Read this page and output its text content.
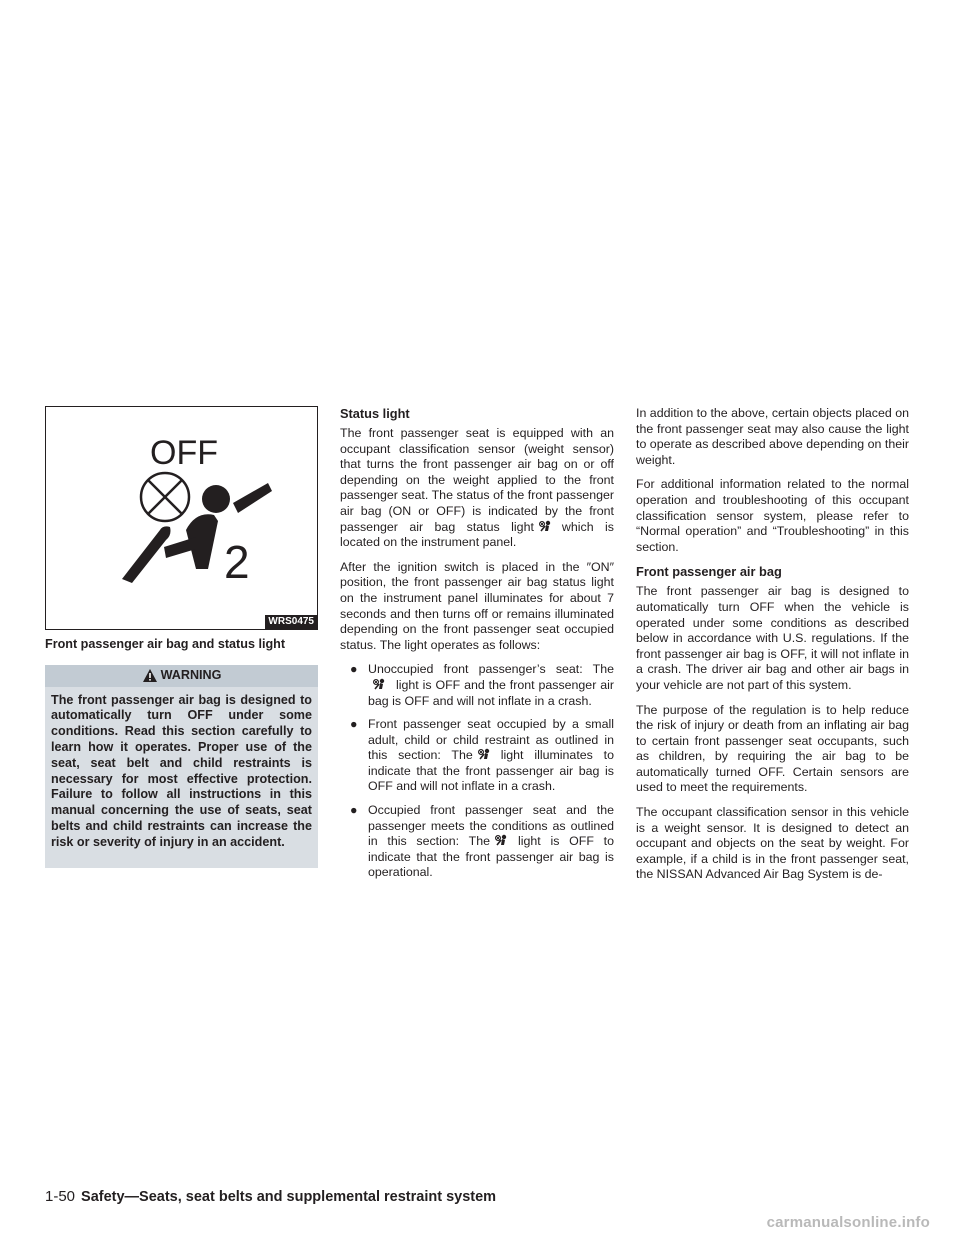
OFF
2
WRS0475
Front passenger air bag and status light
WARNING

The front passenger air bag is designed to automatically turn OFF under some conditions. Read this section carefully to learn how it operates. Proper use of the seat, seat belt and child restraints is necessary for most effective protection. Failure to follow all instructions in this manual concerning the use of seats, seat belts and child restraints can increase the risk or severity of injury in an accident.

Status light

The front passenger seat is equipped with an occupant classification sensor (weight sensor) that turns the front passenger air bag on or off depending on the weight applied to the front passenger seat. The status of the front passenger air bag (ON or OFF) is indicated by the front passenger air bag status light which is located on the instrument panel.

After the ignition switch is placed in the ″ON″ position, the front passenger air bag status light on the instrument panel illuminates for about 7 seconds and then turns off or remains illuminated depending on the front passenger seat occupied status. The light operates as follows:

● Unoccupied front passenger’s seat: Thelight is OFF and the front passenger air bag is OFF and will not inflate in a crash.
● Front passenger seat occupied by a small adult, child or child restraint as outlined in this section: The light illuminates to indicate that the front passenger air bag is OFF and will not inflate in a crash.
● Occupied front passenger seat and the passenger meets the conditions as outlined in this section: The light is OFF to indicate that the front passenger air bag is operational.

In addition to the above, certain objects placed on the front passenger seat may also cause the light to operate as described above depending on their weight.

For additional information related to the normal operation and troubleshooting of this occupant classification sensor system, please refer to “Normal operation” and “Troubleshooting” in this section.

Front passenger air bag

The front passenger air bag is designed to automatically turn OFF when the vehicle is operated under some conditions as described below in accordance with U.S. regulations. If the front passenger air bag is OFF, it will not inflate in a crash. The driver air bag and other air bags in your vehicle are not part of this system.

The purpose of the regulation is to help reduce the risk of injury or death from an inflating air bag to certain front passenger seat occupants, such as children, by requiring the air bag to be automatically turned OFF. Certain sensors are used to meet the requirements.

The occupant classification sensor in this vehicle is a weight sensor. It is designed to detect an occupant and objects on the seat by weight. For example, if a child is in the front passenger seat, the NISSAN Advanced Air Bag System is de-

1-50 Safety—Seats, seat belts and supplemental restraint system
carmanualsonline.info
